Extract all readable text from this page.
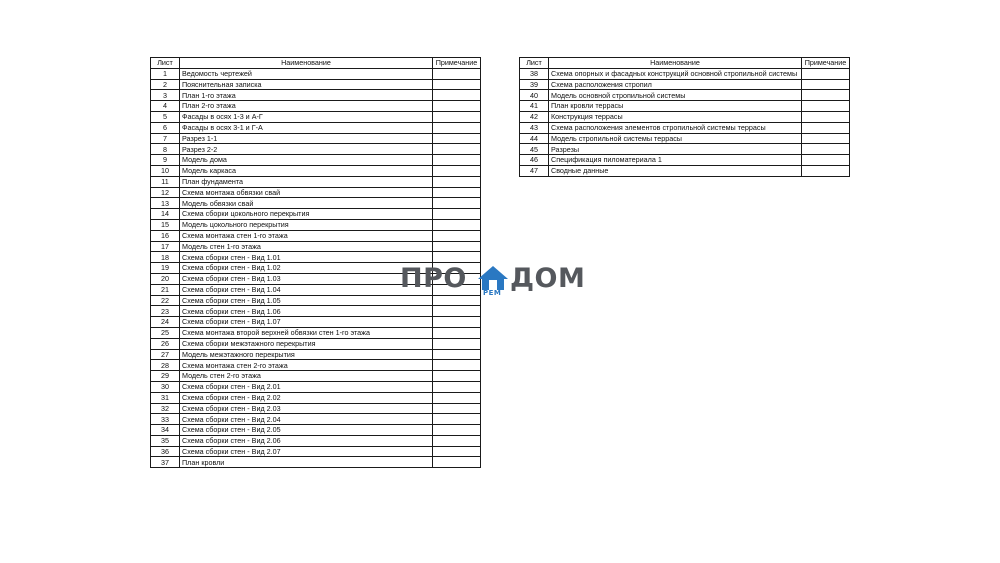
Лист	Наименование	Примечание
1	Ведомость чертежей	
2	Пояснительная записка	
3	План 1-го этажа	
4	План 2-го этажа	
5	Фасады в осях 1-3 и А-Г	
6	Фасады в осях 3-1 и Г-А	
7	Разрез 1-1	
8	Разрез 2-2	
9	Модель дома	
10	Модель каркаса	
11	План фундамента	
12	Схема монтажа обвязки свай	
13	Модель обвязки свай	
14	Схема сборки цокольного перекрытия	
15	Модель цокольного перекрытия	
16	Схема монтажа стен 1-го этажа	
17	Модель стен 1-го этажа	
18	Схема сборки стен - Вид 1.01	
19	Схема сборки стен - Вид 1.02	
20	Схема сборки стен - Вид 1.03	
21	Схема сборки стен - Вид 1.04	
22	Схема сборки стен - Вид 1.05	
23	Схема сборки стен - Вид 1.06	
24	Схема сборки стен - Вид 1.07	
25	Схема монтажа второй верхней обвязки стен 1-го этажа	
26	Схема сборки межэтажного перекрытия	
27	Модель межэтажного перекрытия	
28	Схема монтажа стен 2-го этажа	
29	Модель стен 2-го этажа	
30	Схема сборки стен - Вид 2.01	
31	Схема сборки стен - Вид 2.02	
32	Схема сборки стен - Вид 2.03	
33	Схема сборки стен - Вид 2.04	
34	Схема сборки стен - Вид 2.05	
35	Схема сборки стен - Вид 2.06	
36	Схема сборки стен - Вид 2.07	
37	План кровли	
Лист	Наименование	Примечание
38	Схема опорных и фасадных конструкций основной стропильной системы	
39	Схема расположения стропил	
40	Модель основной стропильной системы	
41	План кровли террасы	
42	Конструкция террасы	
43	Схема расположения элементов стропильной системы террасы	
44	Модель стропильной системы террасы	
45	Разрезы	
46	Спецификация пиломатериала 1	
47	Сводные данные	
ПРО РЕМ ДОМ
